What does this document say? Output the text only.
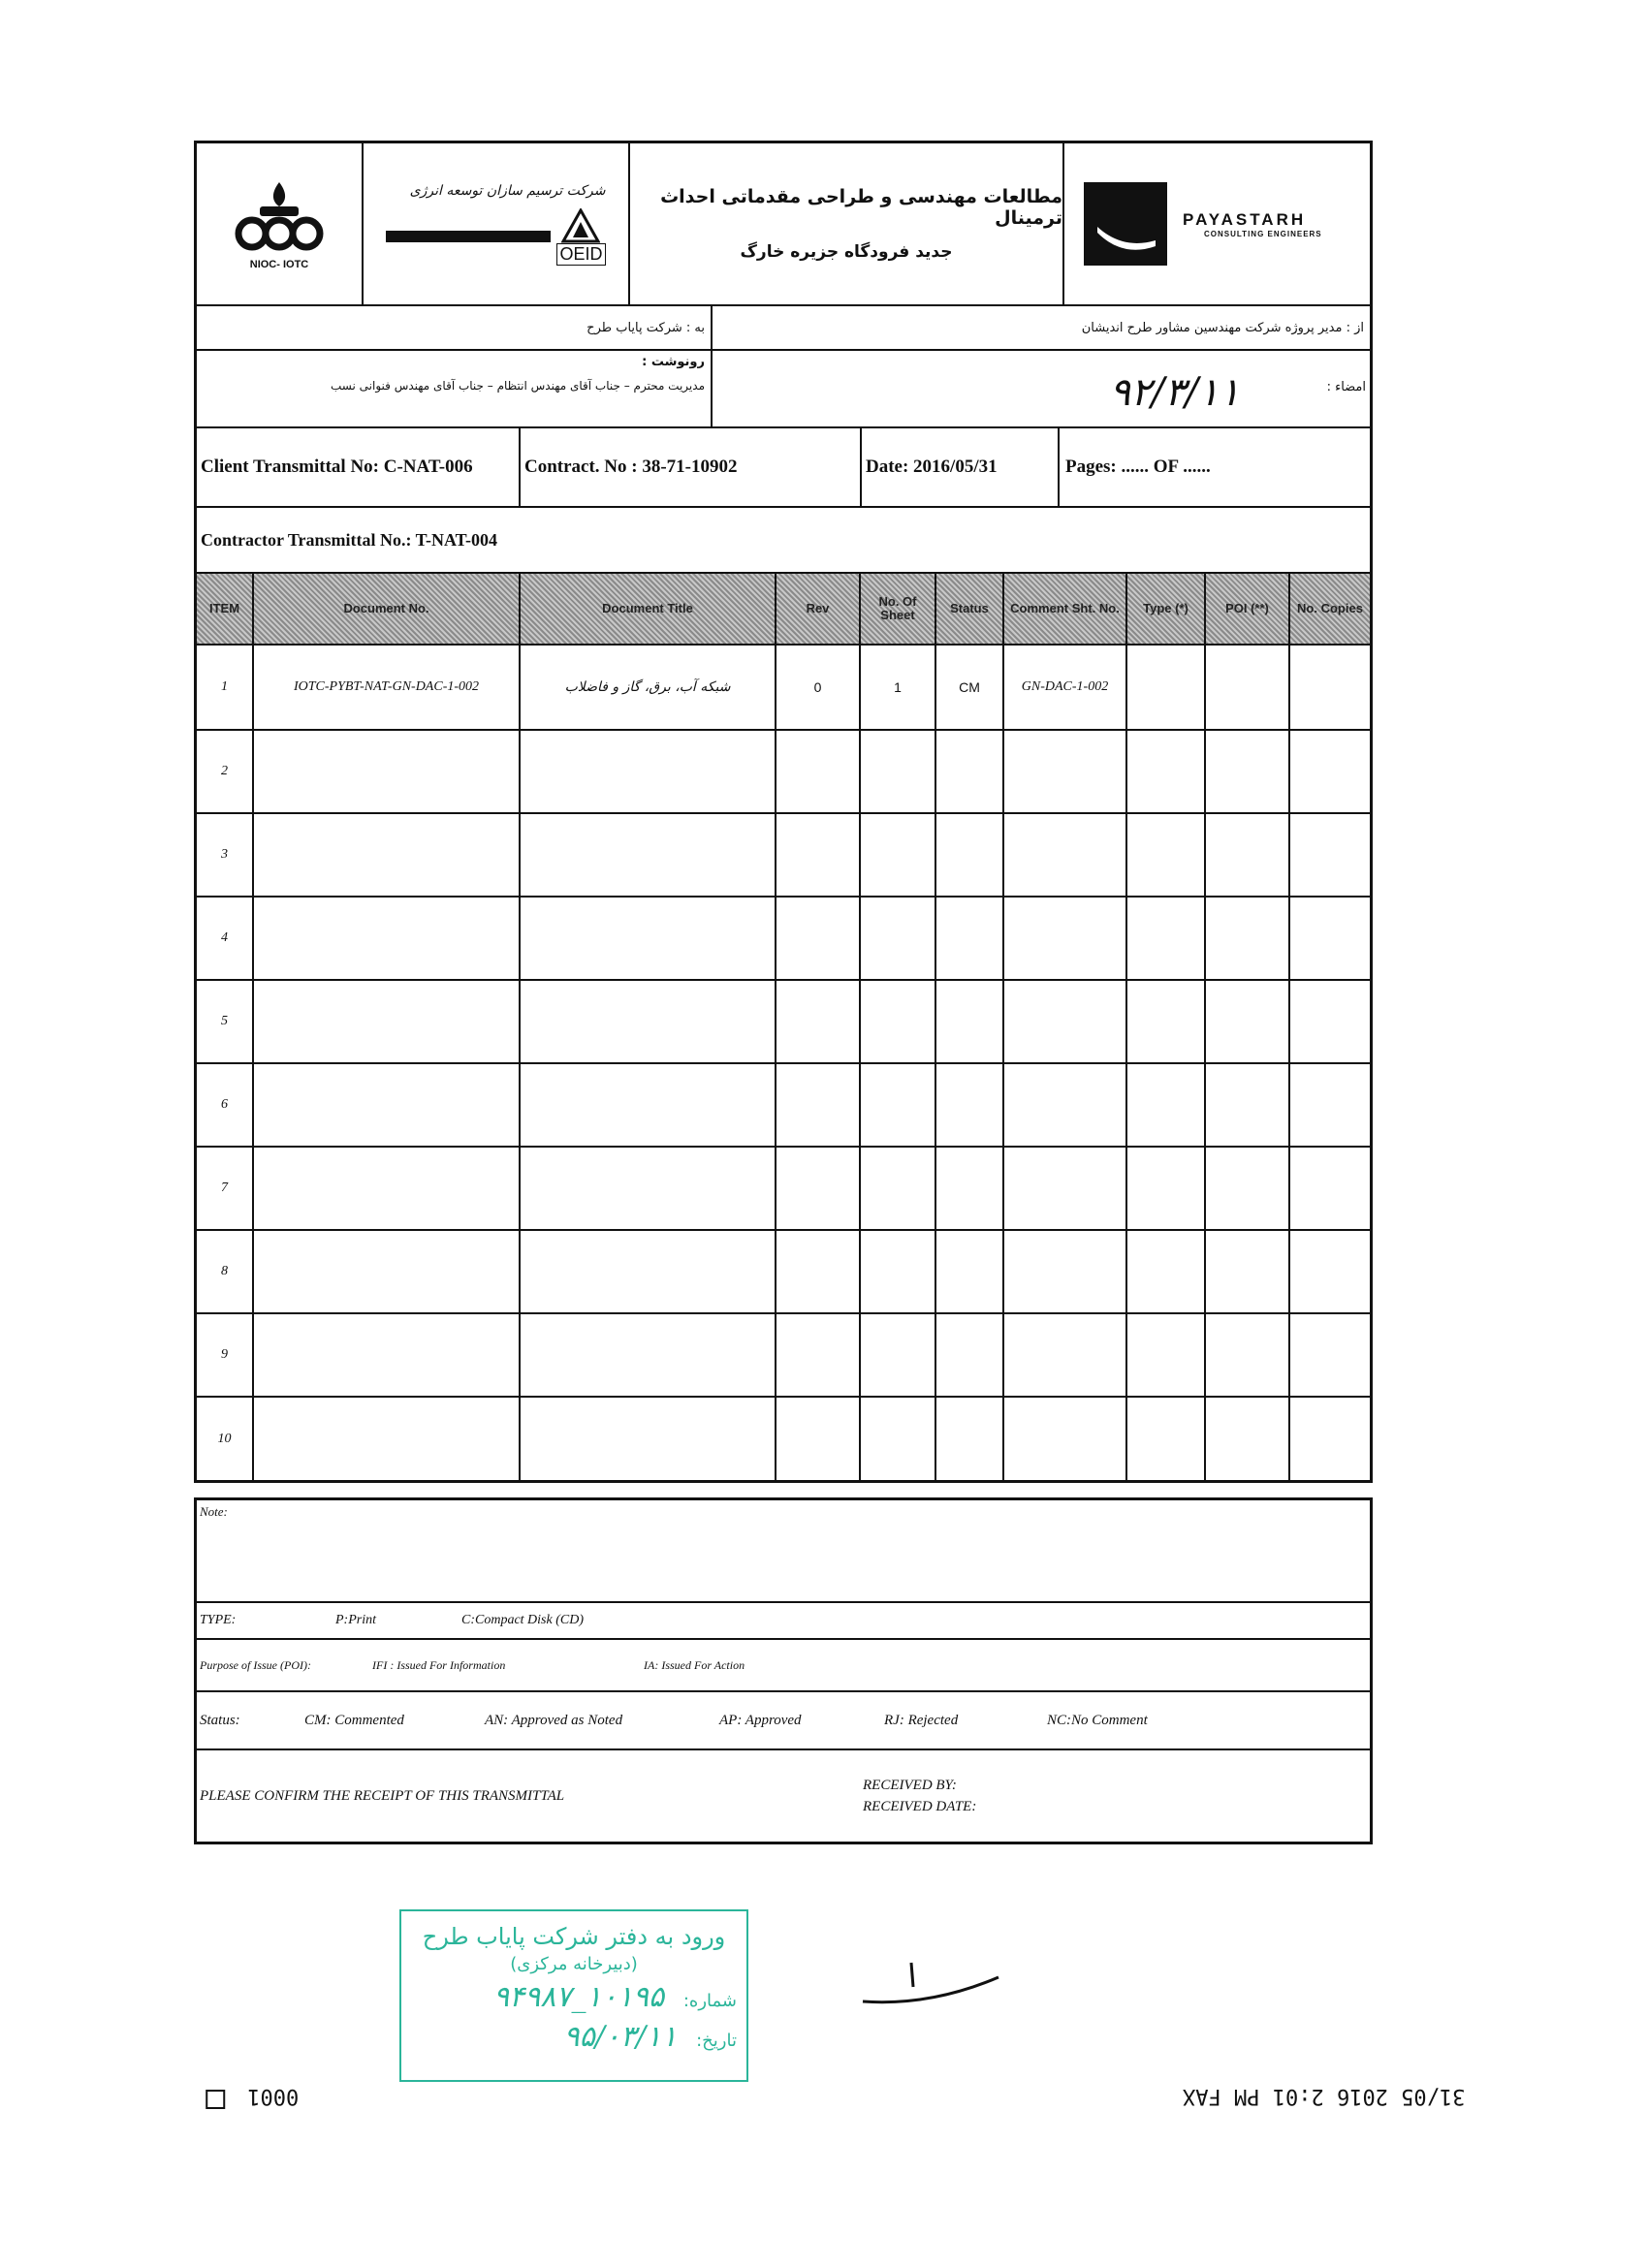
NIOC- IOTC
شرکت ترسیم سازان توسعه انرژی
OEID
مطالعات مهندسی و طراحی مقدماتی احداث ترمینال
جدید فرودگاه جزیره خارگ
PAYASTARH
CONSULTING ENGINEERS
به : شرکت پایاب طرح	از : مدیر پروژه شرکت مهندسین مشاور طرح اندیشان
رونوشت :
مدیریت محترم – جناب آقای مهندس انتظام – جناب آقای مهندس فنوانی نسب	امضاء :
۹۲/۳/۱۱
Client Transmittal No: C-NAT-006	Contract. No : 38-71-10902	Date: 2016/05/31	Pages: ...... OF ......
Contractor Transmittal No.: T-NAT-004
ITEM	Document No.	Document Title	Rev	No. Of Sheet	Status	Comment Sht. No.	Type (*)	POI (**)	No. Copies
1	IOTC-PYBT-NAT-GN-DAC-1-002	شبکه آب، برق، گاز و فاضلاب	0	1	CM	GN-DAC-1-002			
2									
3									
4									
5									
6									
7									
8									
9									
10									
Note:
TYPE:	P:Print	C:Compact Disk (CD)
Purpose of Issue (POI):	IFI : Issued For Information	IA: Issued For Action
Status:	CM: Commented	AN: Approved as Noted	AP: Approved	RJ: Rejected	NC:No Comment
PLEASE CONFIRM THE RECEIPT OF THIS TRANSMITTAL
RECEIVED BY:
RECEIVED DATE:
ورود به دفتر شرکت پایاب طرح
(دبیرخانه مرکزی)
شماره: ۱۰۱۹۵_۹۴۹۸۷
تاریخ: ۹۵/۰۳/۱۱
0001	31/05 2016 2:01 PM FAX
